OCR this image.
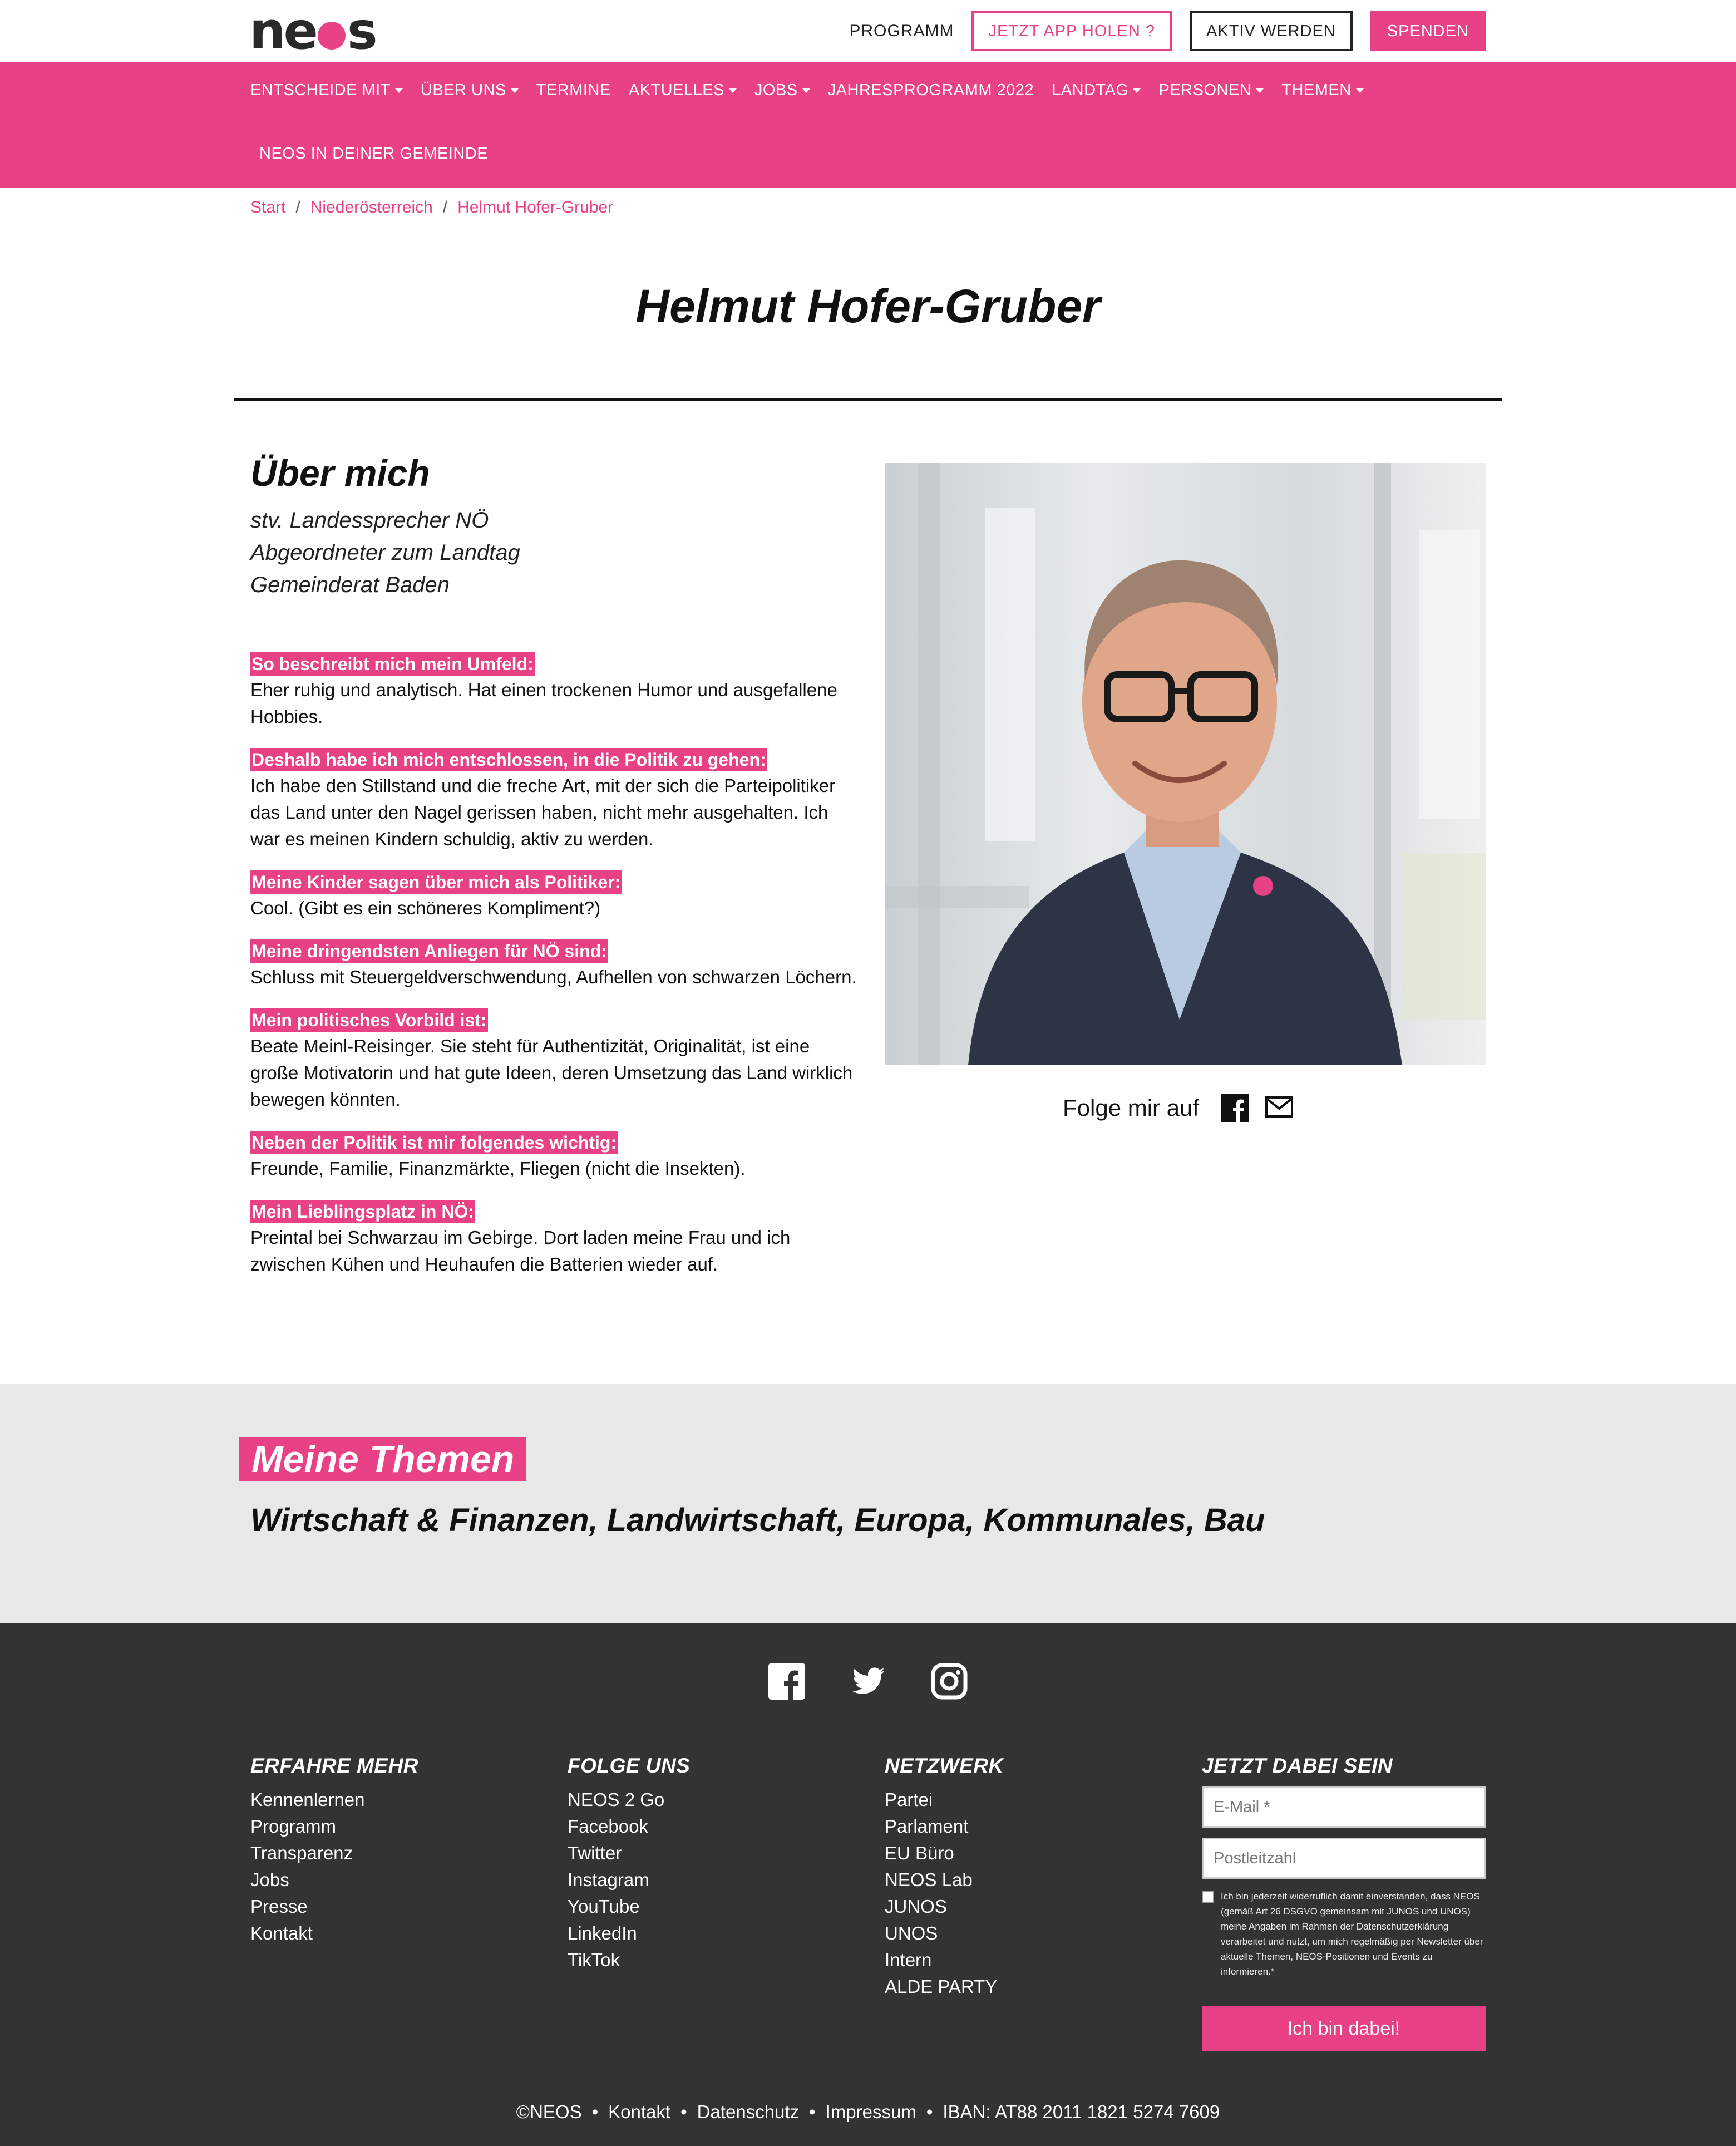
ne s	PROGRAMM	JETZT APP HOLEN ?	AKTIV WERDEN	SPENDEN
ENTSCHEIDE MIT ÜBER UNS TERMINE AKTUELLES JOBS JAHRESPROGRAMM 2022 LANDTAG PERSONEN THEMEN
NEOS IN DEINER GEMEINDE
Start / Niederösterreich / Helmut Hofer-Gruber
Helmut Hofer-Gruber
Über mich
stv. Landessprecher NÖ
Abgeordneter zum Landtag
Gemeinderat Baden
So beschreibt mich mein Umfeld:
Eher ruhig und analytisch. Hat einen trockenen Humor und ausgefallene Hobbies.
Deshalb habe ich mich entschlossen, in die Politik zu gehen:
Ich habe den Stillstand und die freche Art, mit der sich die Parteipolitiker das Land unter den Nagel gerissen haben, nicht mehr ausgehalten. Ich war es meinen Kindern schuldig, aktiv zu werden.
Meine Kinder sagen über mich als Politiker:
Cool. (Gibt es ein schöneres Kompliment?)
Meine dringendsten Anliegen für NÖ sind:
Schluss mit Steuergeldverschwendung, Aufhellen von schwarzen Löchern.
Mein politisches Vorbild ist:
Beate Meinl-Reisinger. Sie steht für Authentizität, Originalität, ist eine große Motivatorin und hat gute Ideen, deren Umsetzung das Land wirklich bewegen könnten.
Neben der Politik ist mir folgendes wichtig:
Freunde, Familie, Finanzmärkte, Fliegen (nicht die Insekten).
Mein Lieblingsplatz in NÖ:
Preintal bei Schwarzau im Gebirge. Dort laden meine Frau und ich zwischen Kühen und Heuhaufen die Batterien wieder auf.
Folge mir auf
Meine Themen
Wirtschaft & Finanzen, Landwirtschaft, Europa, Kommunales, Bau
ERFAHRE MEHR
Kennenlernen
Programm
Transparenz
Jobs
Presse
Kontakt
FOLGE UNS
NEOS 2 Go
Facebook
Twitter
Instagram
YouTube
LinkedIn
TikTok
NETZWERK
Partei
Parlament
EU Büro
NEOS Lab
JUNOS
UNOS
Intern
ALDE PARTY
JETZT DABEI SEIN
E-Mail *
Postleitzahl
Ich bin jederzeit widerruflich damit einverstanden, dass NEOS (gemäß Art 26 DSGVO gemeinsam mit JUNOS und UNOS) meine Angaben im Rahmen der Datenschutzerklärung verarbeitet und nutzt, um mich regelmäßig per Newsletter über aktuelle Themen, NEOS-Positionen und Events zu informieren.*
Ich bin dabei!
©NEOS • Kontakt • Datenschutz • Impressum • IBAN: AT88 2011 1821 5274 7609
